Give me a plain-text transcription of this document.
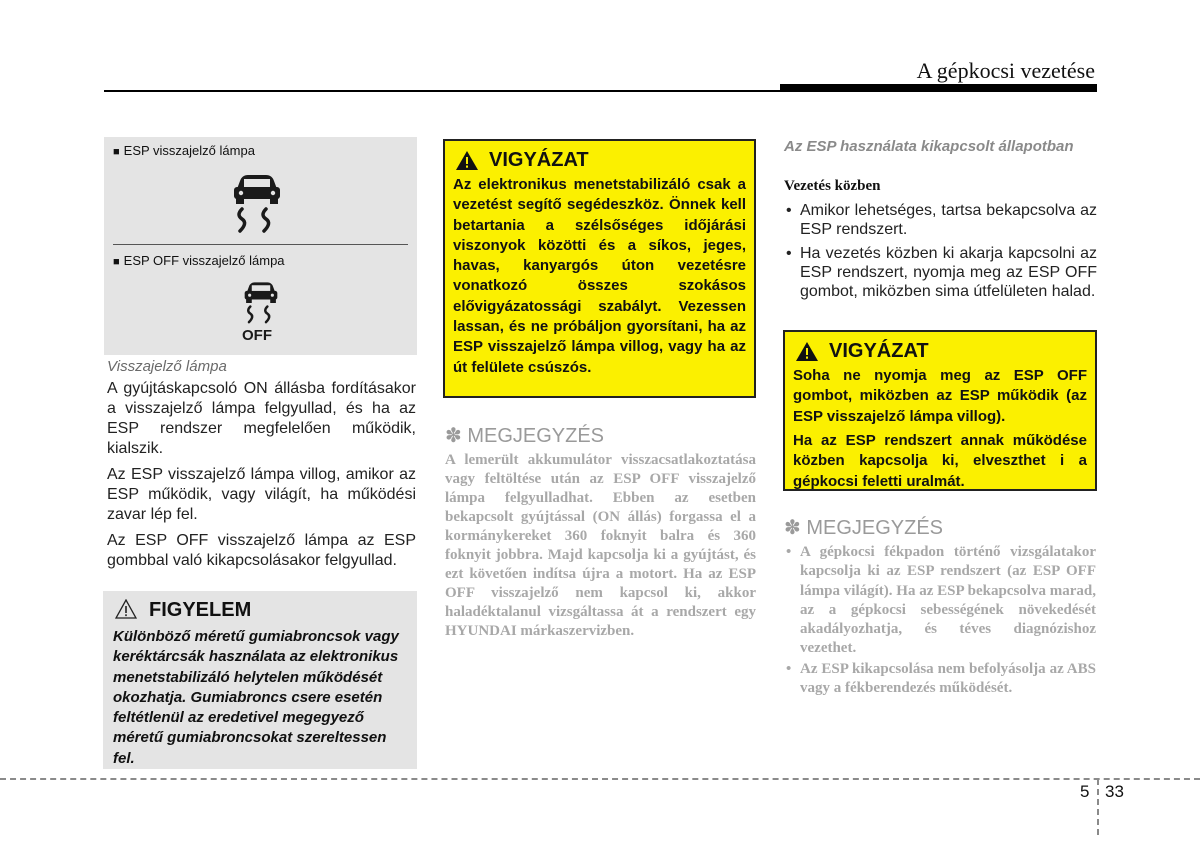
A gépkocsi vezetése
■ ESP visszajelző lámpa
■ ESP OFF visszajelző lámpa
OFF
Visszajelző lámpa

A gyújtáskapcsoló ON állásba fordításakor a visszajelző lámpa felgyullad, és ha az ESP rendszer megfelelően működik, kialszik.

Az ESP visszajelző lámpa villog, amikor az ESP működik, vagy világít, ha működési zavar lép fel.

Az ESP OFF visszajelző lámpa az ESP gombbal való kikapcsolásakor felgyullad.

FIGYELEM

Különböző méretű gumiabroncsok vagy keréktárcsák használata az elektronikus menetstabilizáló helytelen működését okozhatja. Gumiabroncs csere esetén feltétlenül az eredetivel megegyező méretű gumiabroncsokat szereltessen fel.

VIGYÁZAT

Az elektronikus menetstabilizáló csak a vezetést segítő segédeszköz. Önnek kell betartania a szélsőséges időjárási viszonyok közötti és a síkos, jeges, havas, kanyargós úton vezetésre vonatkozó összes szokásos elővigyázatossági szabályt. Vezessen lassan, és ne próbáljon gyorsítani, ha az ESP visszajelző lámpa villog, vagy ha az út felülete csúszós.

✽ MEGJEGYZÉS

A lemerült akkumulátor visszacsatlakoztatása vagy feltöltése után az ESP OFF visszajelző lámpa felgyulladhat. Ebben az esetben bekapcsolt gyújtással (ON állás) forgassa el a kormánykereket 360 foknyit balra és 360 foknyit jobbra. Majd kapcsolja ki a gyújtást, és ezt követően indítsa újra a motort. Ha az ESP OFF visszajelző nem kapcsol ki, akkor haladéktalanul vizsgáltassa át a rendszert egy HYUNDAI márkaszervizben.

Az ESP használata kikapcsolt állapotban
Vezetés közben
• Amikor lehetséges, tartsa bekapcsolva az ESP rendszert.
• Ha vezetés közben ki akarja kapcsolni az ESP rendszert, nyomja meg az ESP OFF gombot, miközben sima útfelületen halad.
VIGYÁZAT

Soha ne nyomja meg az ESP OFF gombot, miközben az ESP működik (az ESP visszajelző lámpa villog).

Ha az ESP rendszert annak működése közben kapcsolja ki, elveszthet i a gépkocsi feletti uralmát.

✽ MEGJEGYZÉS
• A gépkocsi fékpadon történő vizsgálatakor kapcsolja ki az ESP rendszert (az ESP OFF lámpa világít). Ha az ESP bekapcsolva marad, az a gépkocsi sebességének növekedését akadályozhatja, és téves diagnózishoz vezethet.
• Az ESP kikapcsolása nem befolyásolja az ABS vagy a fékberendezés működését.
5 33
